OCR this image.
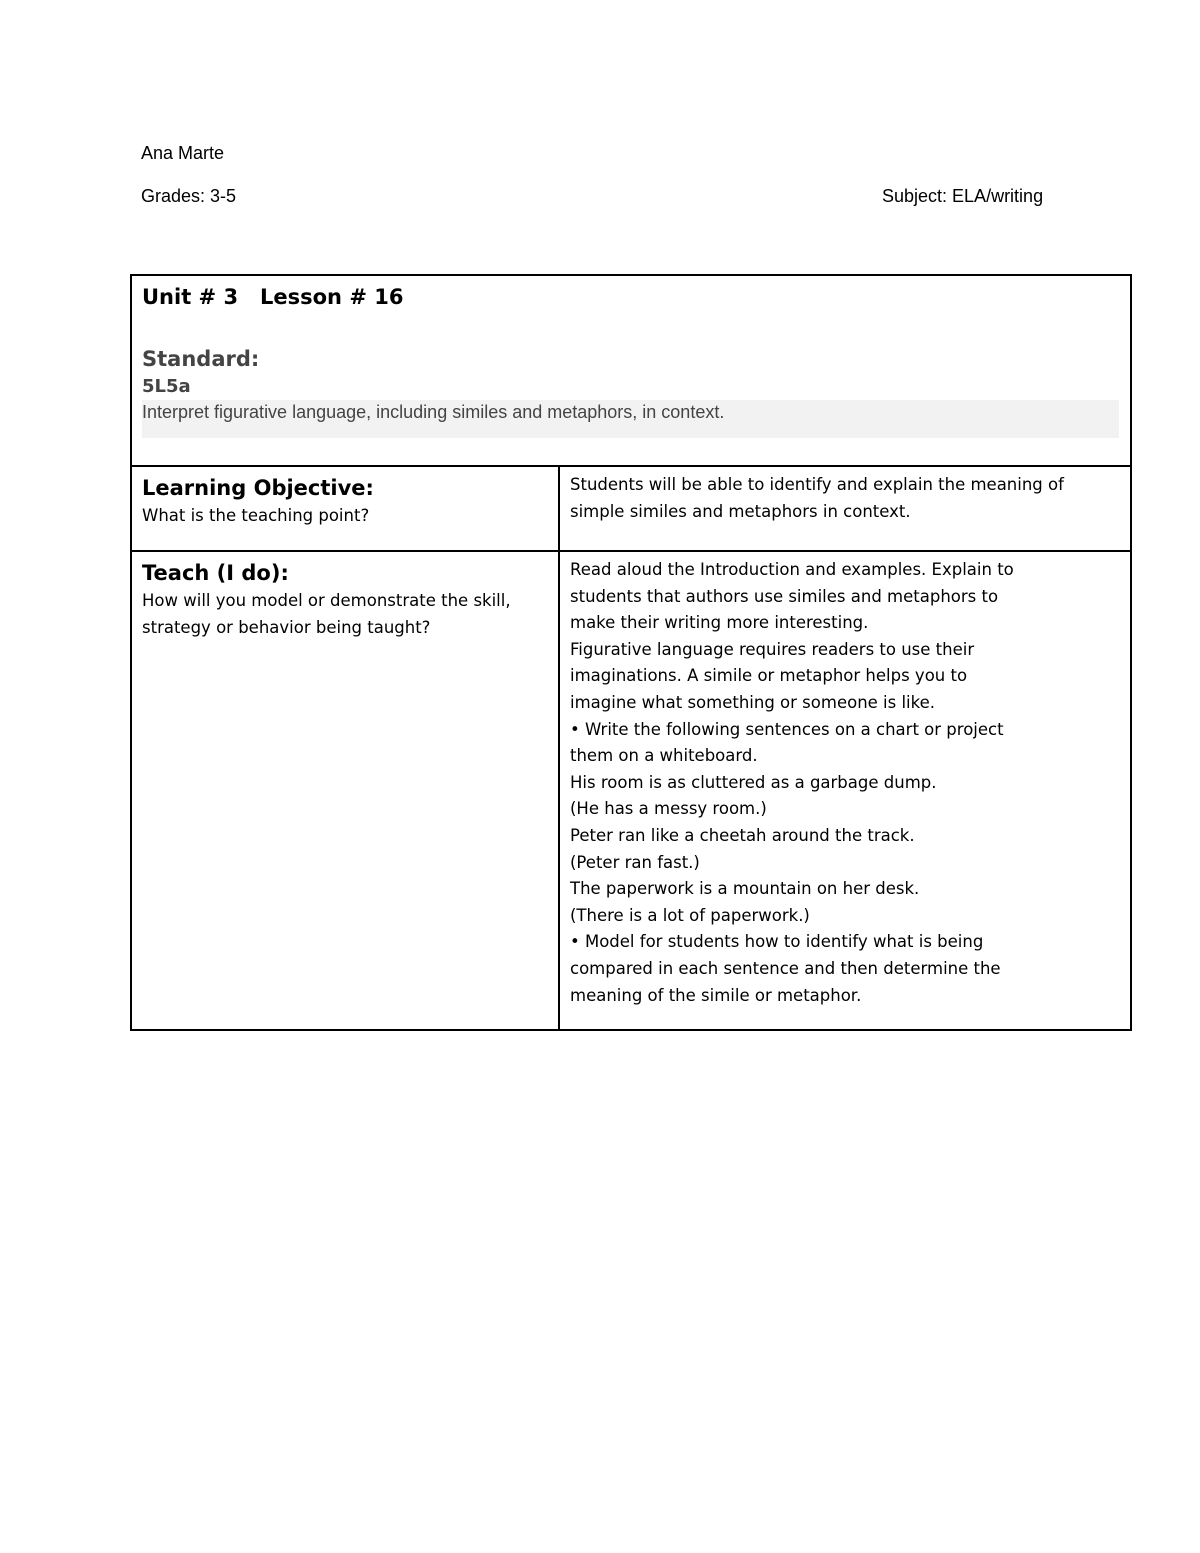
Ana Marte
Grades: 3-5	Subject: ELA/writing
Unit # 3   Lesson # 16
Standard:
5L5a
Interpret figurative language, including similes and metaphors, in context.
Learning Objective:
What is the teaching point?
Students will be able to identify and explain the meaning of
simple similes and metaphors in context.
Teach (I do):
How will you model or demonstrate the skill,
strategy or behavior being taught?
Read aloud the Introduction and examples. Explain to
students that authors use similes and metaphors to
make their writing more interesting.
Figurative language requires readers to use their
imaginations. A simile or metaphor helps you to
imagine what something or someone is like.
• Write the following sentences on a chart or project
them on a whiteboard.
His room is as cluttered as a garbage dump.
(He has a messy room.)
Peter ran like a cheetah around the track.
(Peter ran fast.)
The paperwork is a mountain on her desk.
(There is a lot of paperwork.)
• Model for students how to identify what is being
compared in each sentence and then determine the
meaning of the simile or metaphor.
